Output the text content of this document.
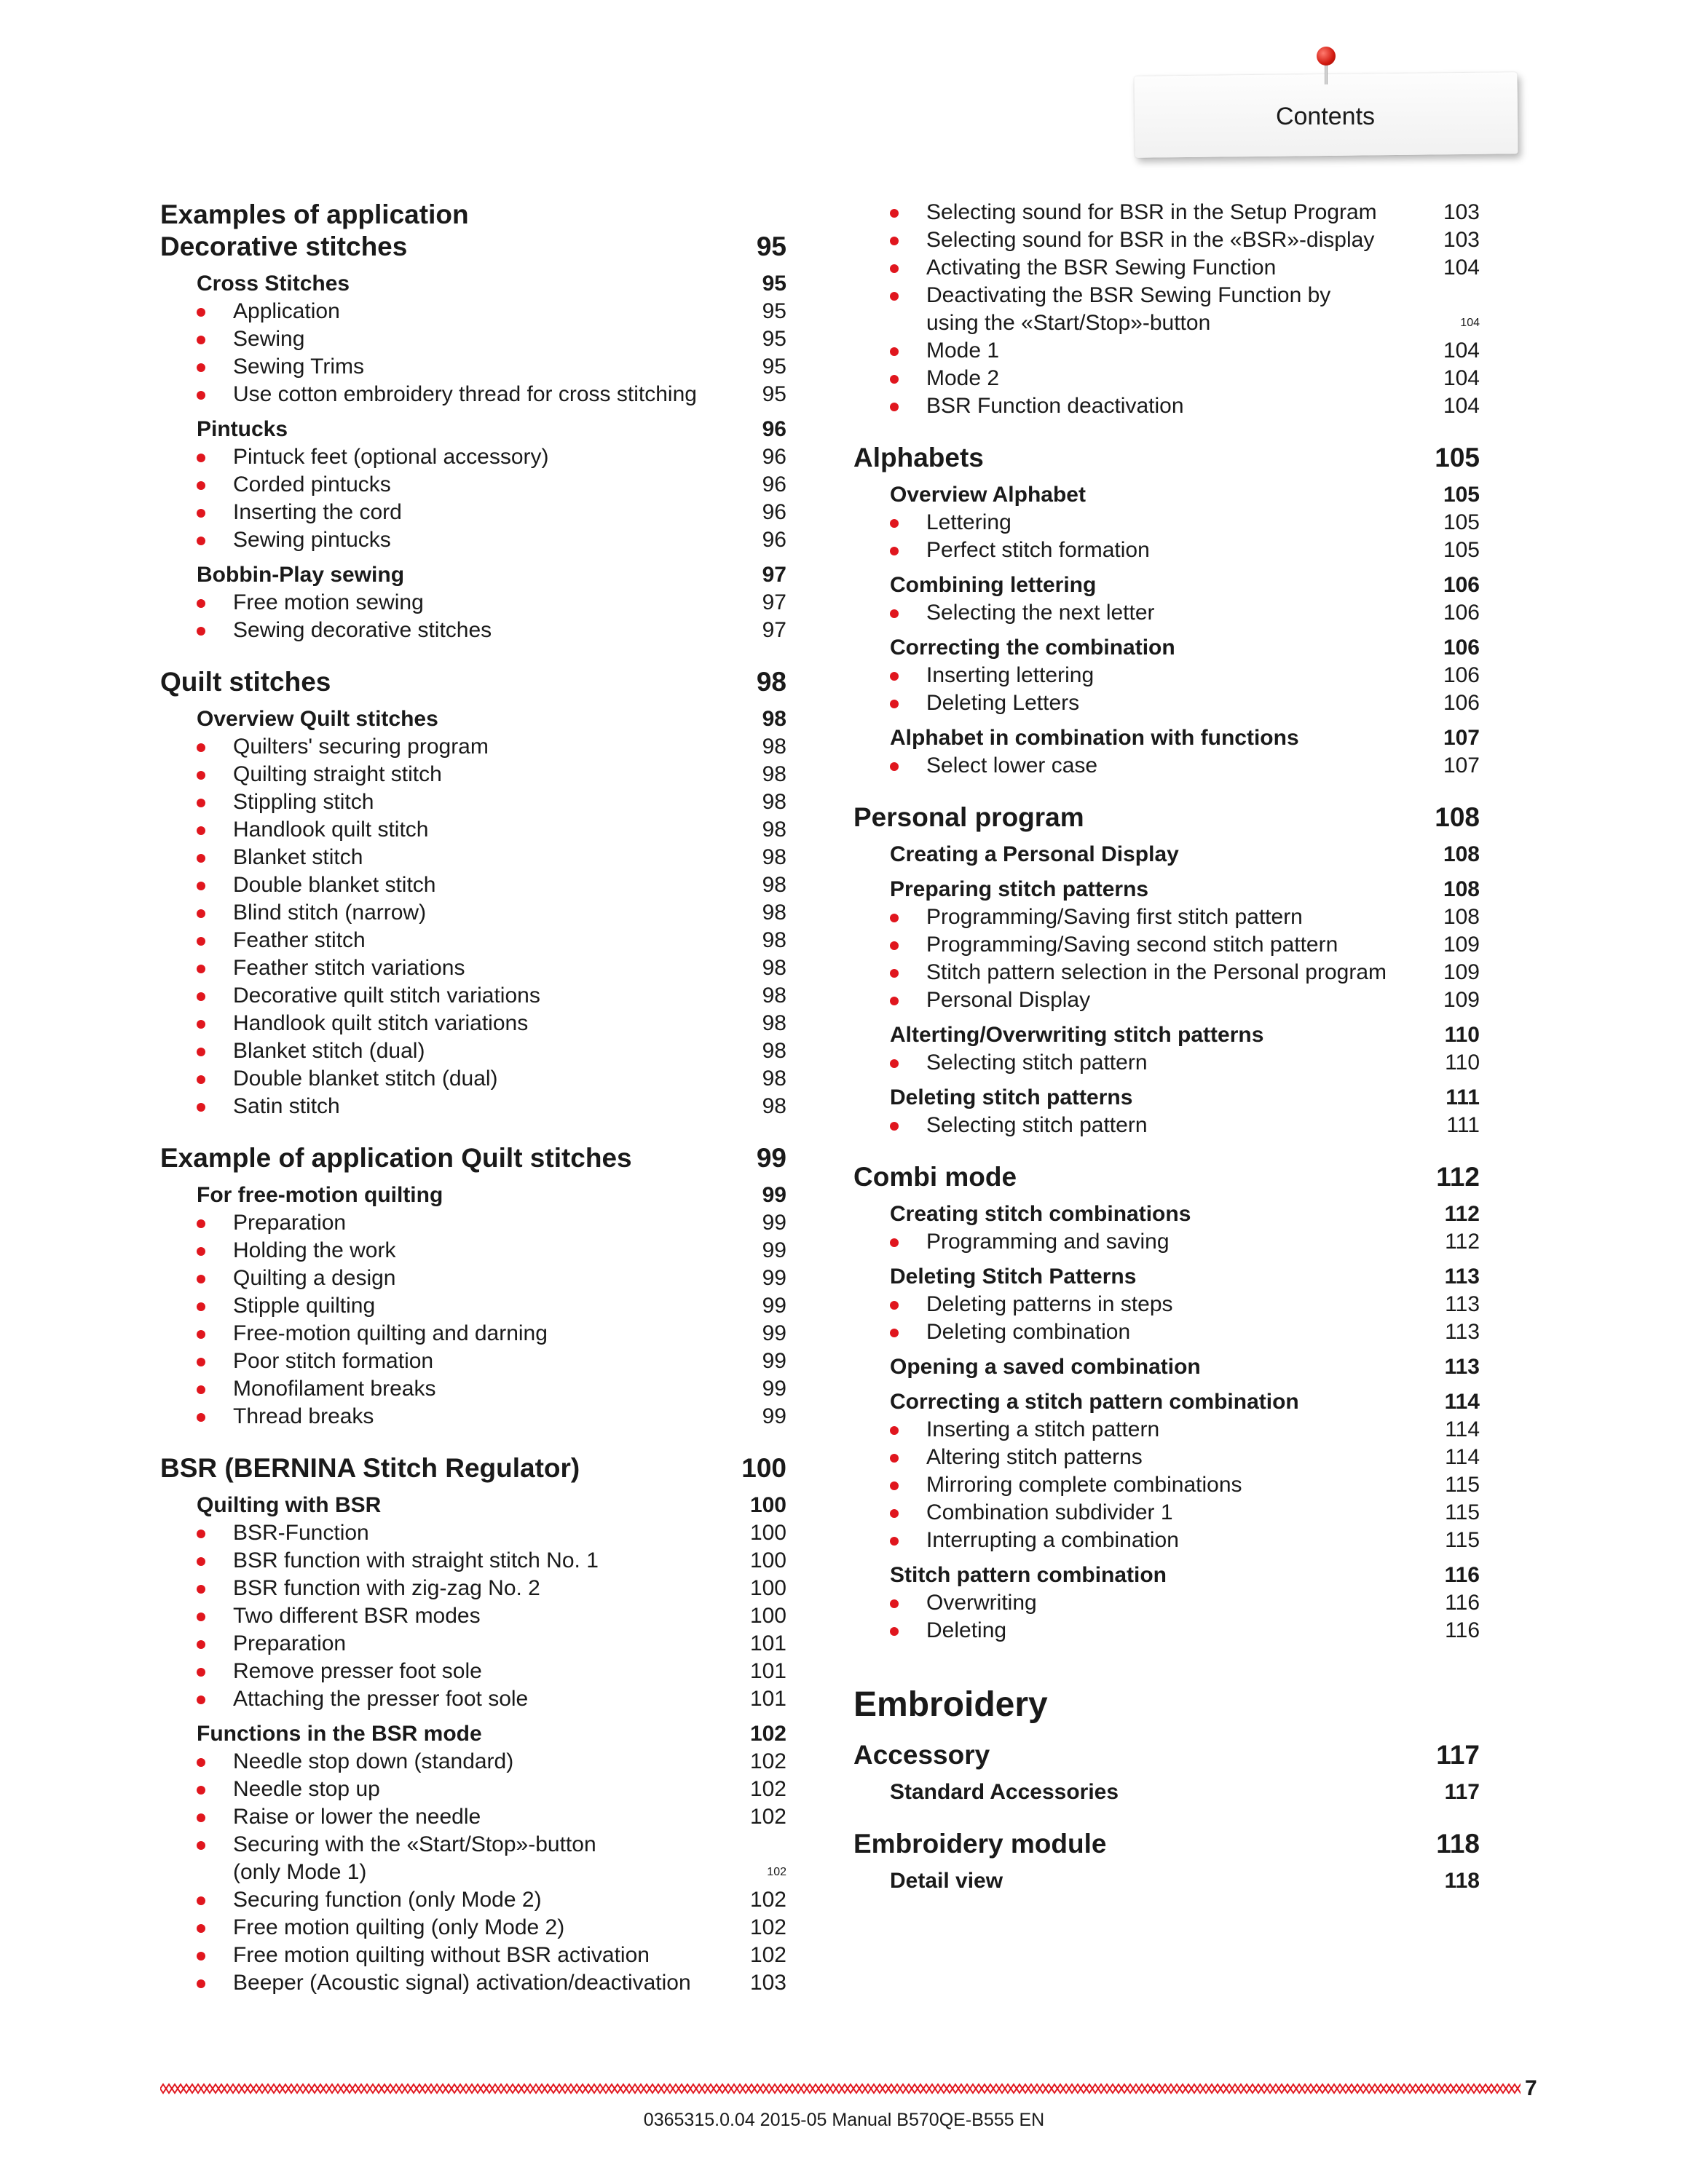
Contents
Examples of application
Decorative stitches	95
Cross Stitches	95
Application	95
Sewing	95
Sewing Trims	95
Use cotton embroidery thread for cross stitching	95
Pintucks	96
Pintuck feet (optional accessory)	96
Corded pintucks	96
Inserting the cord	96
Sewing pintucks	96
Bobbin-Play sewing	97
Free motion sewing	97
Sewing decorative stitches	97
Quilt stitches	98
Overview Quilt stitches	98
Quilters' securing program	98
Quilting straight stitch	98
Stippling stitch	98
Handlook quilt stitch	98
Blanket stitch	98
Double blanket stitch	98
Blind stitch (narrow)	98
Feather stitch	98
Feather stitch variations	98
Decorative quilt stitch variations	98
Handlook quilt stitch variations	98
Blanket stitch (dual)	98
Double blanket stitch (dual)	98
Satin stitch	98
Example of application Quilt stitches	99
For free-motion quilting	99
Preparation	99
Holding the work	99
Quilting a design	99
Stipple quilting	99
Free-motion quilting and darning	99
Poor stitch formation	99
Monofilament breaks	99
Thread breaks	99
BSR (BERNINA Stitch Regulator)	100
Quilting with BSR	100
BSR-Function	100
BSR function with straight stitch No. 1	100
BSR function with zig-zag No. 2	100
Two different BSR modes	100
Preparation	101
Remove presser foot sole	101
Attaching the presser foot sole	101
Functions in the BSR mode	102
Needle stop down (standard)	102
Needle stop up	102
Raise or lower the needle	102
Securing with the «Start/Stop»-button
(only Mode 1)	102
Securing function (only Mode 2)	102
Free motion quilting (only Mode 2)	102
Free motion quilting without BSR activation	102
Beeper (Acoustic signal) activation/deactivation	103
Selecting sound for BSR in the Setup Program	103
Selecting sound for BSR in the «BSR»-display	103
Activating the BSR Sewing Function	104
Deactivating the BSR Sewing Function by
using the «Start/Stop»-button	104
Mode 1	104
Mode 2	104
BSR Function deactivation	104
Alphabets	105
Overview Alphabet	105
Lettering	105
Perfect stitch formation	105
Combining lettering	106
Selecting the next letter	106
Correcting the combination	106
Inserting lettering	106
Deleting Letters	106
Alphabet in combination with functions	107
Select lower case	107
Personal program	108
Creating a Personal Display	108
Preparing stitch patterns	108
Programming/Saving first stitch pattern	108
Programming/Saving second stitch pattern	109
Stitch pattern selection in the Personal program	109
Personal Display	109
Alterting/Overwriting stitch patterns	110
Selecting stitch pattern	110
Deleting stitch patterns	111
Selecting stitch pattern	111
Combi mode	112
Creating stitch combinations	112
Programming and saving	112
Deleting Stitch Patterns	113
Deleting patterns in steps	113
Deleting combination	113
Opening a saved combination	113
Correcting a stitch pattern combination	114
Inserting a stitch pattern	114
Altering stitch patterns	114
Mirroring complete combinations	115
Combination subdivider 1	115
Interrupting a combination	115
Stitch pattern combination	116
Overwriting	116
Deleting	116
Embroidery
Accessory	117
Standard Accessories	117
Embroidery module	118
Detail view	118
7
0365315.0.04 2015-05 Manual B570QE-B555 EN
